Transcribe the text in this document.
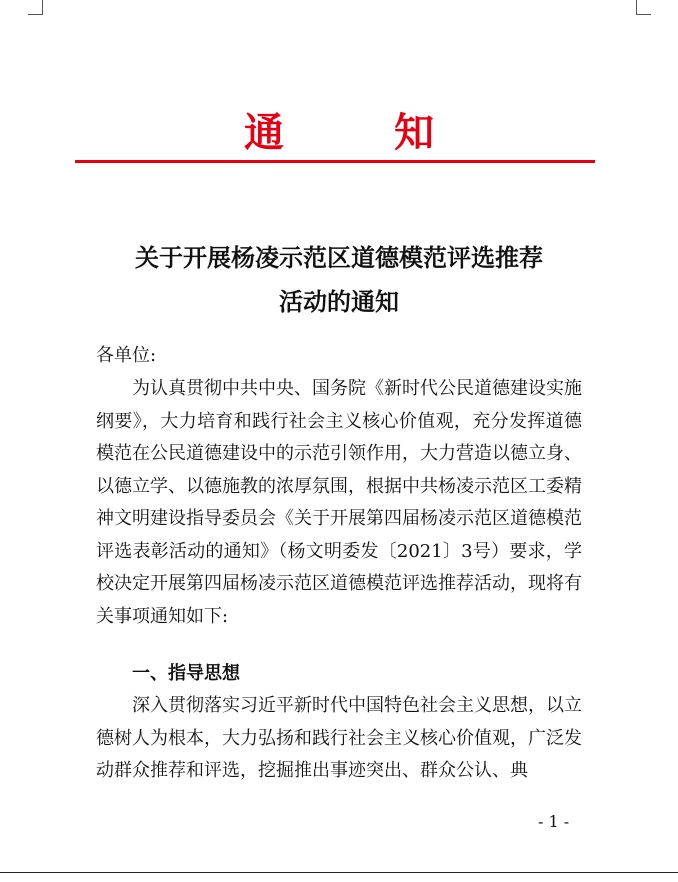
通 知
关于开展杨凌示范区道德模范评选推荐
活动的通知
各单位:
为认真贯彻中共中央、国务院《新时代公民道德建设实施纲要》，大力培育和践行社会主义核心价值观，充分发挥道德模范在公民道德建设中的示范引领作用，大力营造以德立身、以德立学、以德施教的浓厚氛围，根据中共杨凌示范区工委精神文明建设指导委员会《关于开展第四届杨凌示范区道德模范评选表彰活动的通知》（杨文明委发〔2021〕3号）要求，学校决定开展第四届杨凌示范区道德模范评选推荐活动，现将有关事项通知如下:
一、指导思想
深入贯彻落实习近平新时代中国特色社会主义思想，以立德树人为根本，大力弘扬和践行社会主义核心价值观，广泛发动群众推荐和评选，挖掘推出事迹突出、群众公认、典
- 1 -
